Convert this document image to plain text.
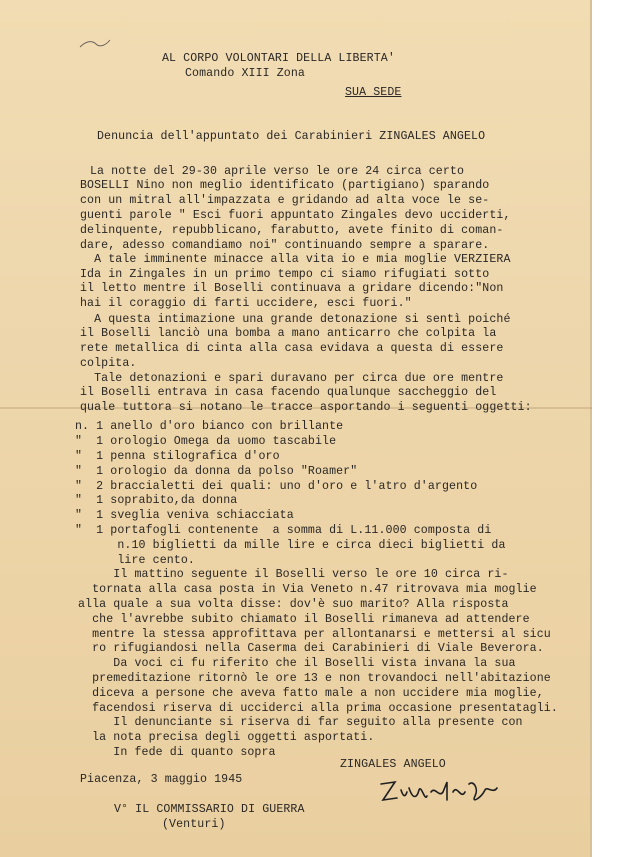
AL CORPO VOLONTARI DELLA LIBERTA'
Comando XIII Zona
SUA SEDE
Denuncia dell'appuntato dei Carabinieri ZINGALES ANGELO
La notte del 29-30 aprile verso le ore 24 circa certo
BOSELLI Nino non meglio identificato (partigiano) sparando
con un mitral all'impazzata e gridando ad alta voce le se-
guenti parole " Esci fuori appuntato Zingales devo ucciderti,
delinquente, repubblicano, farabutto, avete finito di coman-
dare, adesso comandiamo noi" continuando sempre a sparare.
A tale imminente minacce alla vita io e mia moglie VERZIERA
Ida in Zingales in un primo tempo ci siamo rifugiati sotto
il letto mentre il Boselli continuava a gridare dicendo:"Non
hai il coraggio di farti uccidere, esci fuori."
A questa intimazione una grande detonazione si sentì poiché
il Boselli lanciò una bomba a mano anticarro che colpita la
rete metallica di cinta alla casa evidava a questa di essere
colpita.
Tale detonazioni e spari duravano per circa due ore mentre
il Boselli entrava in casa facendo qualunque saccheggio del
quale tuttora si notano le tracce asportando i seguenti oggetti:
n. 1 anello d'oro bianco con brillante
"  1 orologio Omega da uomo tascabile
"  1 penna stilografica d'oro
"  1 orologio da donna da polso "Roamer"
"  2 braccialetti dei quali: uno d'oro e l'atro d'argento
"  1 soprabito,da donna
"  1 sveglia veniva schiacciata
"  1 portafogli contenente  a somma di L.11.000 composta di
n.10 biglietti da mille lire e circa dieci biglietti da
lire cento.
Il mattino seguente il Boselli verso le ore 10 circa ri-
tornata alla casa posta in Via Veneto n.47 ritrovava mia moglie
alla quale a sua volta disse: dov'è suo marito? Alla risposta
che l'avrebbe subito chiamato il Boselli rimaneva ad attendere
mentre la stessa approfittava per allontanarsi e mettersi al sicu
ro rifugiandosi nella Caserma dei Carabinieri di Viale Beverora.
Da voci ci fu riferito che il Boselli vista invana la sua
premeditazione ritornò le ore 13 e non trovandoci nell'abitazione
diceva a persone che aveva fatto male a non uccidere mia moglie,
facendosi riserva di ucciderci alla prima occasione presentatagli.
Il denunciante si riserva di far seguito alla presente con
la nota precisa degli oggetti asportati.
In fede di quanto sopra
ZINGALES ANGELO
Piacenza, 3 maggio 1945
V° IL COMMISSARIO DI GUERRA
(Venturi)
